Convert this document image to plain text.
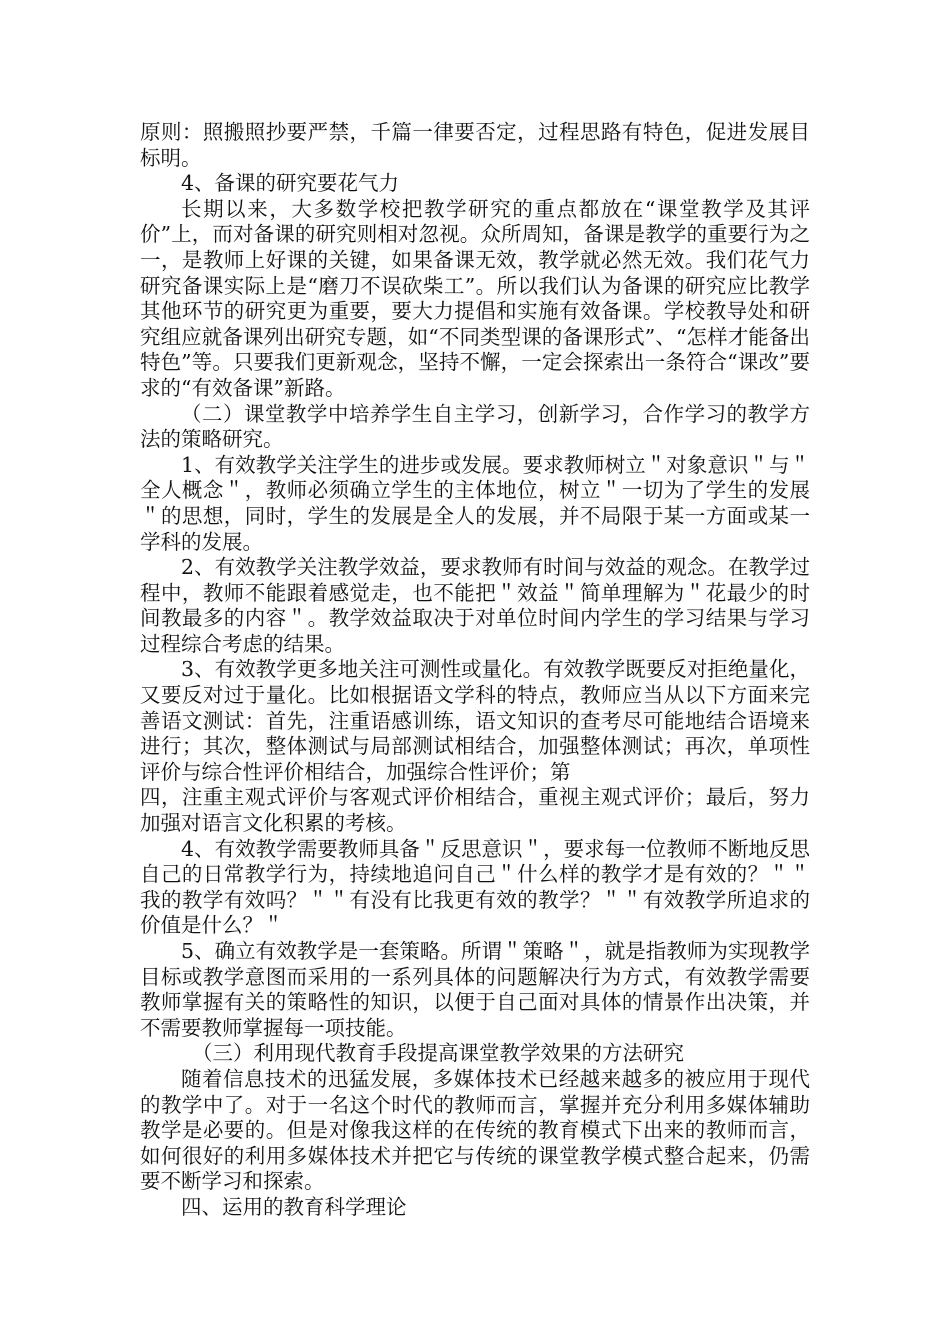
原则：照搬照抄要严禁，千篇一律要否定，过程思路有特色，促进发展目标明。

4、备课的研究要花气力

长期以来，大多数学校把教学研究的重点都放在“课堂教学及其评价”上，而对备课的研究则相对忽视。众所周知，备课是教学的重要行为之一，是教师上好课的关键，如果备课无效，教学就必然无效。我们花气力研究备课实际上是“磨刀不误砍柴工”。所以我们认为备课的研究应比教学其他环节的研究更为重要，要大力提倡和实施有效备课。学校教导处和研究组应就备课列出研究专题，如“不同类型课的备课形式”、“怎样才能备出特色”等。只要我们更新观念，坚持不懈，一定会探索出一条符合“课改”要求的“有效备课”新路。

（二）课堂教学中培养学生自主学习，创新学习，合作学习的教学方法的策略研究。

1、有效教学关注学生的进步或发展。要求教师树立＂对象意识＂与＂全人概念＂，教师必须确立学生的主体地位，树立＂一切为了学生的发展＂的思想，同时，学生的发展是全人的发展，并不局限于某一方面或某一学科的发展。

2、有效教学关注教学效益，要求教师有时间与效益的观念。在教学过程中，教师不能跟着感觉走，也不能把＂效益＂简单理解为＂花最少的时间教最多的内容＂。教学效益取决于对单位时间内学生的学习结果与学习过程综合考虑的结果。

3、有效教学更多地关注可测性或量化。有效教学既要反对拒绝量化，又要反对过于量化。比如根据语文学科的特点，教师应当从以下方面来完善语文测试：首先，注重语感训练，语文知识的查考尽可能地结合语境来进行；其次，整体测试与局部测试相结合，加强整体测试；再次，单项性评价与综合性评价相结合，加强综合性评价；第

四，注重主观式评价与客观式评价相结合，重视主观式评价；最后，努力加强对语言文化积累的考核。

4、有效教学需要教师具备＂反思意识＂，要求每一位教师不断地反思自己的日常教学行为，持续地追问自己＂什么样的教学才是有效的？＂＂我的教学有效吗？＂＂有没有比我更有效的教学？＂＂有效教学所追求的价值是什么？＂

5、确立有效教学是一套策略。所谓＂策略＂，就是指教师为实现教学目标或教学意图而采用的一系列具体的问题解决行为方式，有效教学需要教师掌握有关的策略性的知识，以便于自己面对具体的情景作出决策，并不需要教师掌握每一项技能。

（三）利用现代教育手段提高课堂教学效果的方法研究

随着信息技术的迅猛发展，多媒体技术已经越来越多的被应用于现代的教学中了。对于一名这个时代的教师而言，掌握并充分利用多媒体辅助教学是必要的。但是对像我这样的在传统的教育模式下出来的教师而言，如何很好的利用多媒体技术并把它与传统的课堂教学模式整合起来，仍需要不断学习和探索。

四、运用的教育科学理论
